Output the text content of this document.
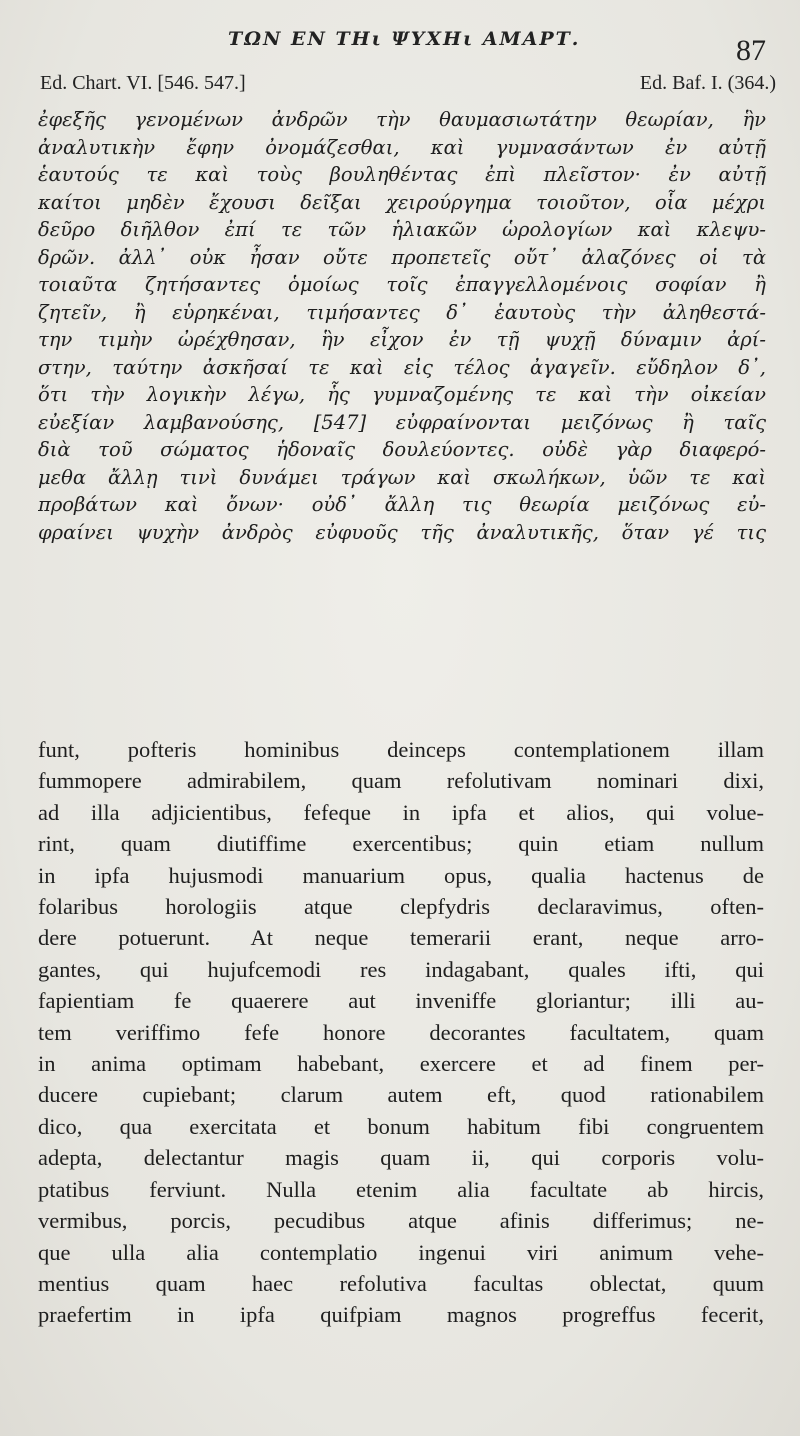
ΤΩΝ ΕΝ ΤΗι ΨΥΧΗι ΑΜΑΡΤ.	87
Ed. Chart. VI. [546. 547.]	Ed. Baf. I. (364.)
ἐφεξῆς γενομένων ἀνδρῶν τὴν θαυμασιωτάτην θεωρίαν, ἣν
ἀναλυτικὴν ἔφην ὀνομάζεσθαι, καὶ γυμνασάντων ἐν αὐτῇ
ἑαυτούς τε καὶ τοὺς βουληθέντας ἐπὶ πλεῖστον· ἐν αὐτῇ
καίτοι μηδὲν ἔχουσι δεῖξαι χειρούργημα τοιοῦτον, οἷα μέχρι
δεῦρο διῆλθον ἐπί τε τῶν ἡλιακῶν ὡρολογίων καὶ κλεψυ-
δρῶν. ἀλλ᾽ οὐκ ἦσαν οὔτε προπετεῖς οὔτ᾽ ἀλαζόνες οἱ τὰ
τοιαῦτα ζητήσαντες ὁμοίως τοῖς ἐπαγγελλομένοις σοφίαν ἢ
ζητεῖν, ἢ εὑρηκέναι, τιμήσαντες δ᾽ ἑαυτοὺς τὴν ἀληθεστά-
την τιμὴν ὠρέχθησαν, ἣν εἶχον ἐν τῇ ψυχῇ δύναμιν ἀρί-
στην, ταύτην ἀσκῆσαί τε καὶ εἰς τέλος ἀγαγεῖν. εὔδηλον δ᾽,
ὅτι τὴν λογικὴν λέγω, ἧς γυμναζομένης τε καὶ τὴν οἰκείαν
εὐεξίαν λαμβανούσης, [547] εὐφραίνονται μειζόνως ἢ ταῖς
διὰ τοῦ σώματος ἡδοναῖς δουλεύοντες. οὐδὲ γὰρ διαφερό-
μεθα ἄλλῃ τινὶ δυνάμει τράγων καὶ σκωλήκων, ὑῶν τε καὶ
προβάτων καὶ ὄνων· οὐδ᾽ ἄλλη τις θεωρία μειζόνως εὐ-
φραίνει ψυχὴν ἀνδρὸς εὐφυοῦς τῆς ἀναλυτικῆς, ὅταν γέ τις
funt, pofteris hominibus deinceps contemplationem illam
fummopere admirabilem, quam refolutivam nominari dixi,
ad illa adjicientibus, fefeque in ipfa et alios, qui volue-
rint, quam diutiffime exercentibus; quin etiam nullum
in ipfa hujusmodi manuarium opus, qualia hactenus de
folaribus horologiis atque clepfydris declaravimus, often-
dere potuerunt. At neque temerarii erant, neque arro-
gantes, qui hujufcemodi res indagabant, quales ifti, qui
fapientiam fe quaerere aut inveniffe gloriantur; illi au-
tem veriffimo fefe honore decorantes facultatem, quam
in anima optimam habebant, exercere et ad finem per-
ducere cupiebant; clarum autem eft, quod rationabilem
dico, qua exercitata et bonum habitum fibi congruentem
adepta, delectantur magis quam ii, qui corporis volu-
ptatibus ferviunt. Nulla etenim alia facultate ab hircis,
vermibus, porcis, pecudibus atque afinis differimus; ne-
que ulla alia contemplatio ingenui viri animum vehe-
mentius quam haec refolutiva facultas oblectat, quum
praefertim in ipfa quifpiam magnos progreffus fecerit,
